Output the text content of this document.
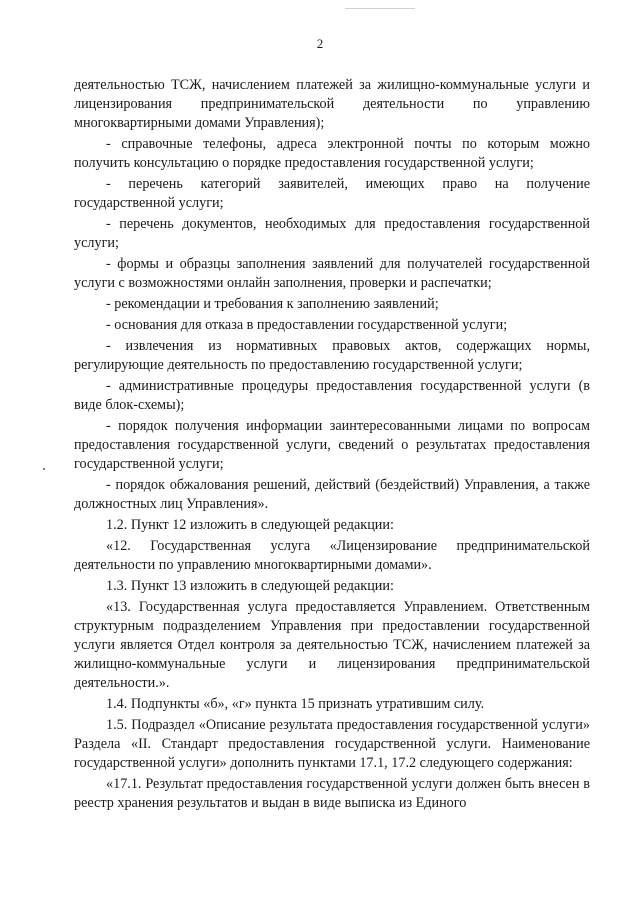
2

деятельностью ТСЖ, начислением платежей за жилищно-коммунальные услуги и лицензирования предпринимательской деятельности по управлению многоквартирными домами Управления);

- справочные телефоны, адреса электронной почты по которым можно получить консультацию о порядке предоставления государственной услуги;

- перечень категорий заявителей, имеющих право на получение государственной услуги;

- перечень документов, необходимых для предоставления государственной услуги;

- формы и образцы заполнения заявлений для получателей государственной услуги с возможностями онлайн заполнения, проверки и распечатки;

- рекомендации и требования к заполнению заявлений;

- основания для отказа в предоставлении государственной услуги;

- извлечения из нормативных правовых актов, содержащих нормы, регулирующие деятельность по предоставлению государственной услуги;

- административные процедуры предоставления государственной услуги (в виде блок-схемы);

- порядок получения информации заинтересованными лицами по вопросам предоставления государственной услуги, сведений о результатах предоставления государственной услуги;

- порядок обжалования решений, действий (бездействий) Управления, а также должностных лиц Управления».

1.2. Пункт 12 изложить в следующей редакции:

«12. Государственная услуга «Лицензирование предпринимательской деятельности по управлению многоквартирными домами».

1.3. Пункт 13 изложить в следующей редакции:

«13. Государственная услуга предоставляется Управлением. Ответственным структурным подразделением Управления при предоставлении государственной услуги является Отдел контроля за деятельностью ТСЖ, начислением платежей за жилищно-коммунальные услуги и лицензирования предпринимательской деятельности.».

1.4. Подпункты «б», «г» пункта 15 признать утратившим силу.

1.5. Подраздел «Описание результата предоставления государственной услуги» Раздела «II. Стандарт предоставления государственной услуги. Наименование государственной услуги» дополнить пунктами 17.1, 17.2 следующего содержания:

«17.1. Результат предоставления государственной услуги должен быть внесен в реестр хранения результатов и выдан в виде выписка из Единого
